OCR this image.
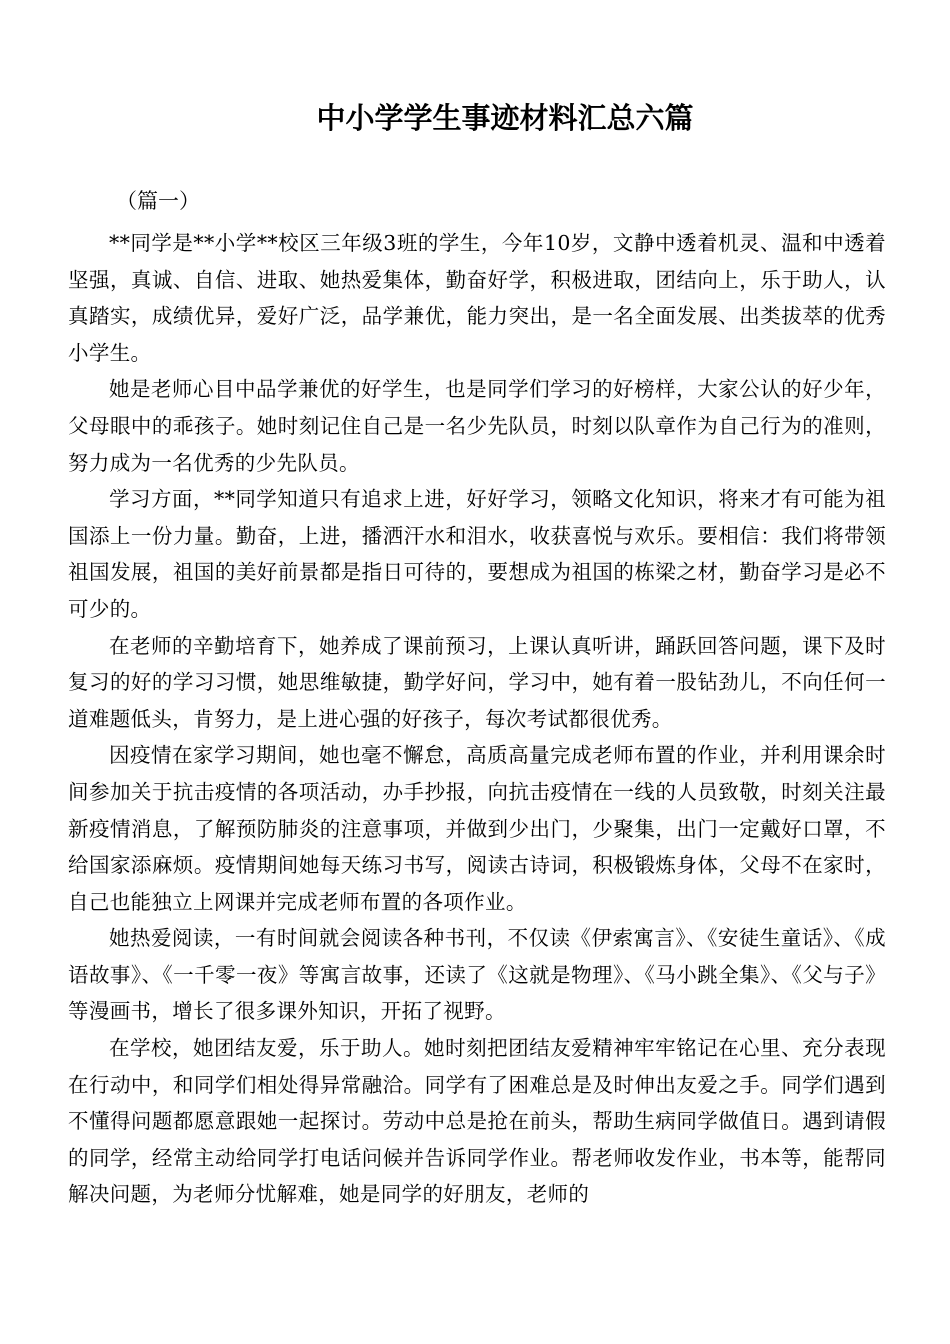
中小学学生事迹材料汇总六篇

（篇一）

**同学是**小学**校区三年级3班的学生，今年10岁，文静中透着机灵、温和中透着坚强，真诚、自信、进取、她热爱集体，勤奋好学，积极进取，团结向上，乐于助人，认真踏实，成绩优异，爱好广泛，品学兼优，能力突出，是一名全面发展、出类拔萃的优秀小学生。

她是老师心目中品学兼优的好学生，也是同学们学习的好榜样，大家公认的好少年，父母眼中的乖孩子。她时刻记住自己是一名少先队员，时刻以队章作为自己行为的准则，努力成为一名优秀的少先队员。

学习方面，**同学知道只有追求上进，好好学习，领略文化知识，将来才有可能为祖国添上一份力量。勤奋，上进，播洒汗水和泪水，收获喜悦与欢乐。要相信：我们将带领祖国发展，祖国的美好前景都是指日可待的，要想成为祖国的栋梁之材，勤奋学习是必不可少的。

在老师的辛勤培育下，她养成了课前预习，上课认真听讲，踊跃回答问题，课下及时复习的好的学习习惯，她思维敏捷，勤学好问，学习中，她有着一股钻劲儿，不向任何一道难题低头，肯努力，是上进心强的好孩子，每次考试都很优秀。

因疫情在家学习期间，她也毫不懈怠，高质高量完成老师布置的作业，并利用课余时间参加关于抗击疫情的各项活动，办手抄报，向抗击疫情在一线的人员致敬，时刻关注最新疫情消息，了解预防肺炎的注意事项，并做到少出门，少聚集，出门一定戴好口罩，不给国家添麻烦。疫情期间她每天练习书写，阅读古诗词，积极锻炼身体，父母不在家时，自己也能独立上网课并完成老师布置的各项作业。

她热爱阅读，一有时间就会阅读各种书刊，不仅读《伊索寓言》、《安徒生童话》、《成语故事》、《一千零一夜》等寓言故事，还读了《这就是物理》、《马小跳全集》、《父与子》等漫画书，增长了很多课外知识，开拓了视野。

在学校，她团结友爱，乐于助人。她时刻把团结友爱精神牢牢铭记在心里、充分表现在行动中，和同学们相处得异常融洽。同学有了困难总是及时伸出友爱之手。同学们遇到不懂得问题都愿意跟她一起探讨。劳动中总是抢在前头，帮助生病同学做值日。遇到请假的同学，经常主动给同学打电话问候并告诉同学作业。帮老师收发作业，书本等，能帮同解决问题，为老师分忧解难，她是同学的好朋友，老师的
